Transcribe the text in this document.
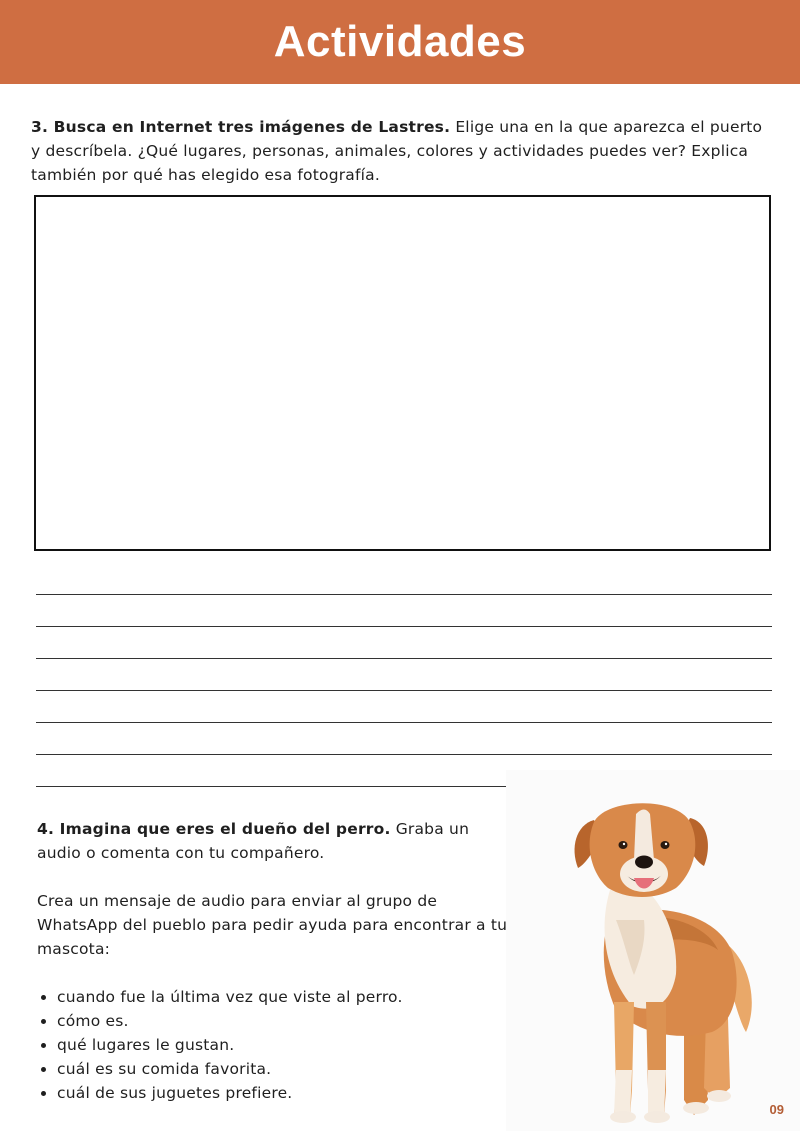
Actividades
3. Busca en Internet tres imágenes de Lastres. Elige una en la que aparezca el puerto y descríbela. ¿Qué lugares, personas, animales, colores y actividades puedes ver? Explica también por qué has elegido esa fotografía.

4. Imagina que eres el dueño del perro. Graba un audio o comenta con tu compañero.

Crea un mensaje de audio para enviar al grupo de WhatsApp del pueblo para pedir ayuda para encontrar a tu mascota:

• cuando fue la última vez que viste al perro.
• cómo es.
• qué lugares le gustan.
• cuál es su comida favorita.
• cuál de sus juguetes prefiere.
09
